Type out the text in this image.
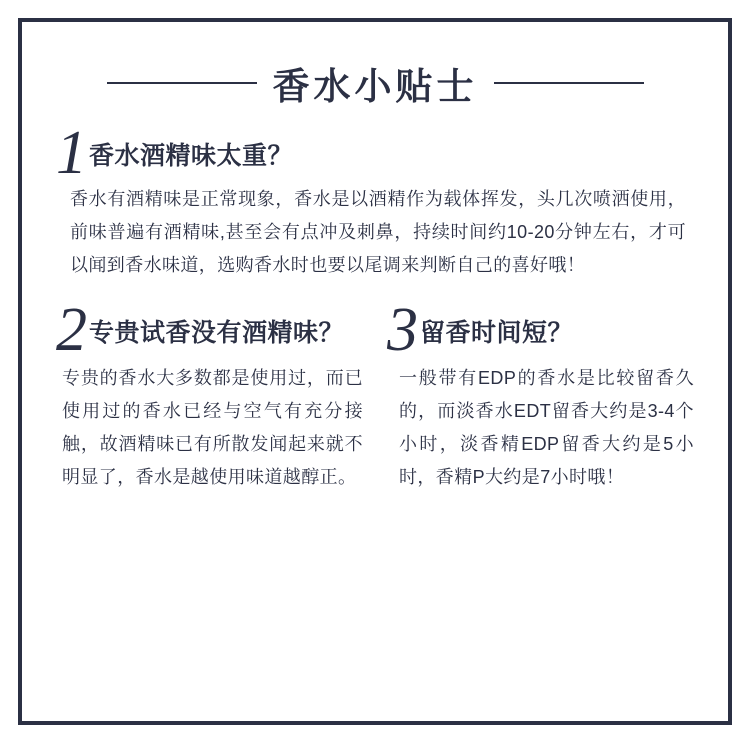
香水小贴士
1 香水酒精味太重？
香水有酒精味是正常现象，香水是以酒精作为载体挥发，头几次喷洒使用，前味普遍有酒精味,甚至会有点冲及刺鼻，持续时间约10-20分钟左右，才可以闻到香水味道，选购香水时也要以尾调来判断自己的喜好哦！
2 专贵试香没有酒精味？
专贵的香水大多数都是使用过，而已使用过的香水已经与空气有充分接触，故酒精味已有所散发闻起来就不明显了，香水是越使用味道越醇正。
3 留香时间短？
一般带有EDP的香水是比较留香久的，而淡香水EDT留香大约是3-4个小时，淡香精EDP留香大约是5小时，香精P大约是7小时哦！
